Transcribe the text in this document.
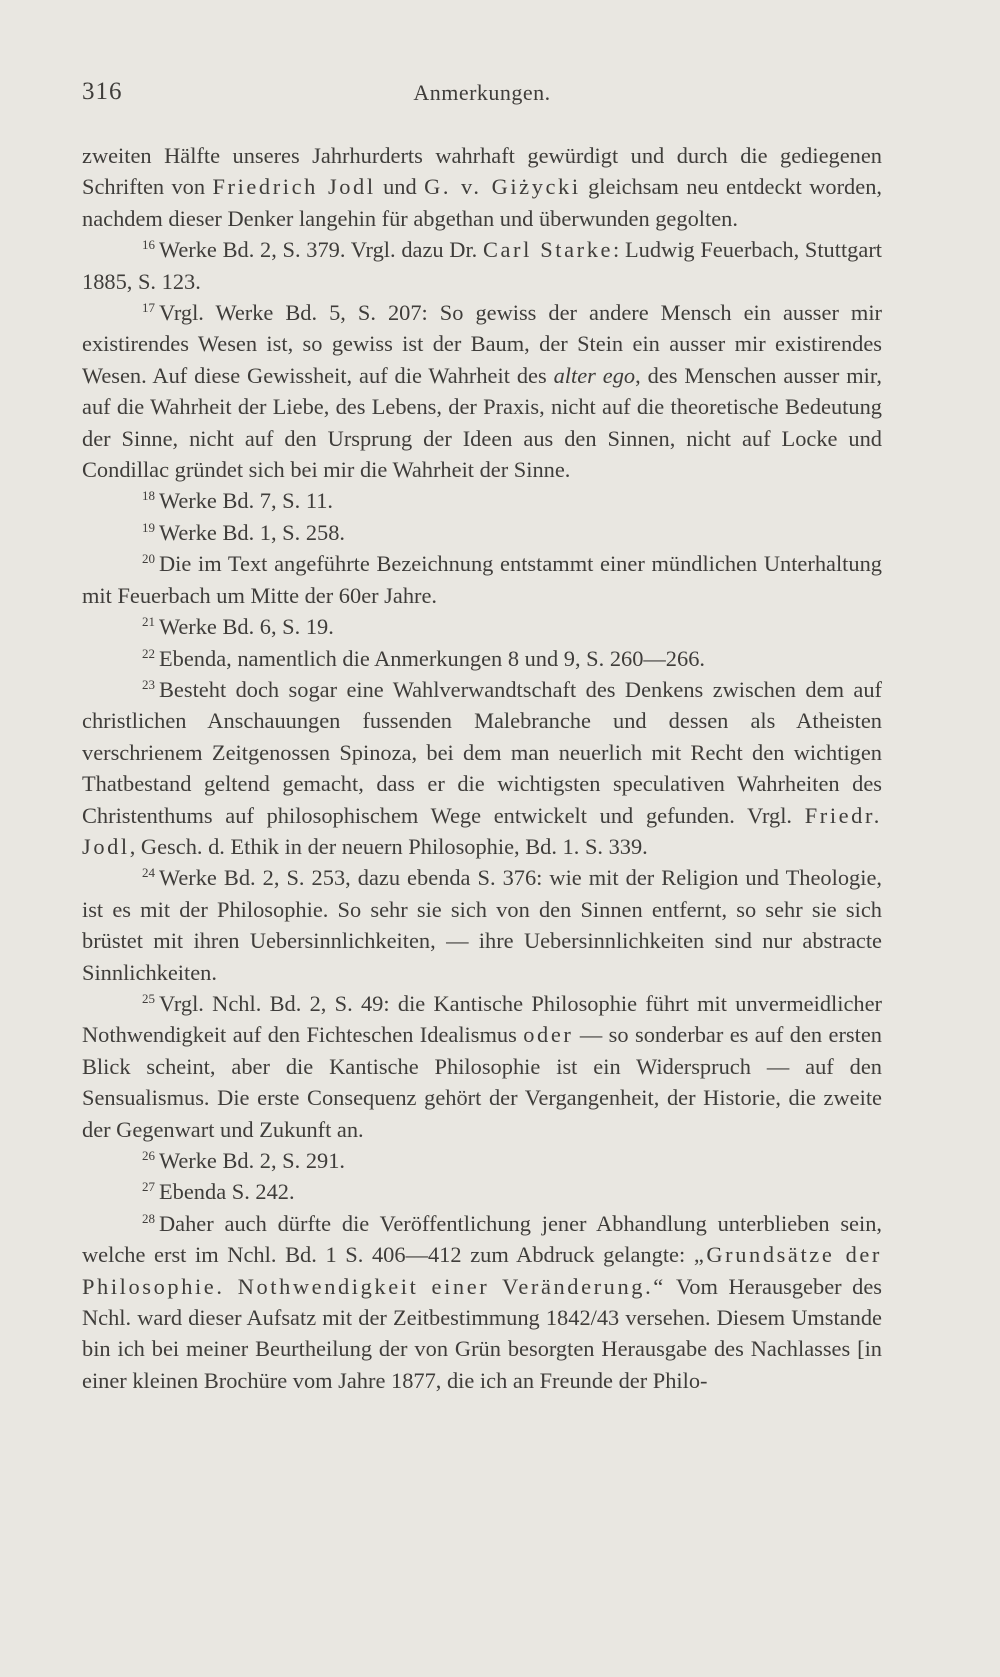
316	Anmerkungen.

zweiten Hälfte unseres Jahrhurderts wahrhaft gewürdigt und durch die gediegenen Schriften von Friedrich Jodl und G. v. Giżycki gleichsam neu entdeckt worden, nachdem dieser Denker langehin für abgethan und überwunden gegolten.

$^{16}$ Werke Bd. 2, S. 379. Vrgl. dazu Dr. Carl Starke: Ludwig Feuerbach, Stuttgart 1885, S. 123.

$^{17}$ Vrgl. Werke Bd. 5, S. 207: So gewiss der andere Mensch ein ausser mir existirendes Wesen ist, so gewiss ist der Baum, der Stein ein ausser mir existirendes Wesen. Auf diese Gewissheit, auf die Wahrheit des alter ego, des Menschen ausser mir, auf die Wahrheit der Liebe, des Lebens, der Praxis, nicht auf die theoretische Bedeutung der Sinne, nicht auf den Ursprung der Ideen aus den Sinnen, nicht auf Locke und Condillac gründet sich bei mir die Wahrheit der Sinne.

$^{18}$ Werke Bd. 7, S. 11.

$^{19}$ Werke Bd. 1, S. 258.

$^{20}$ Die im Text angeführte Bezeichnung entstammt einer mündlichen Unterhaltung mit Feuerbach um Mitte der 60er Jahre.

$^{21}$ Werke Bd. 6, S. 19.

$^{22}$ Ebenda, namentlich die Anmerkungen 8 und 9, S. 260—266.

$^{23}$ Besteht doch sogar eine Wahlverwandtschaft des Denkens zwischen dem auf christlichen Anschauungen fussenden Malebranche und dessen als Atheisten verschrienem Zeitgenossen Spinoza, bei dem man neuerlich mit Recht den wichtigen Thatbestand geltend gemacht, dass er die wichtigsten speculativen Wahrheiten des Christenthums auf philosophischem Wege entwickelt und gefunden. Vrgl. Friedr. Jodl, Gesch. d. Ethik in der neuern Philosophie, Bd. 1. S. 339.

$^{24}$ Werke Bd. 2, S. 253, dazu ebenda S. 376: wie mit der Religion und Theologie, ist es mit der Philosophie. So sehr sie sich von den Sinnen entfernt, so sehr sie sich brüstet mit ihren Uebersinnlichkeiten, — ihre Uebersinnlichkeiten sind nur abstracte Sinnlichkeiten.

$^{25}$ Vrgl. Nchl. Bd. 2, S. 49: die Kantische Philosophie führt mit unvermeidlicher Nothwendigkeit auf den Fichteschen Idealismus oder — so sonderbar es auf den ersten Blick scheint, aber die Kantische Philosophie ist ein Widerspruch — auf den Sensualismus. Die erste Consequenz gehört der Vergangenheit, der Historie, die zweite der Gegenwart und Zukunft an.

$^{26}$ Werke Bd. 2, S. 291.

$^{27}$ Ebenda S. 242.

$^{28}$ Daher auch dürfte die Veröffentlichung jener Abhandlung unterblieben sein, welche erst im Nchl. Bd. 1 S. 406—412 zum Abdruck gelangte: „Grundsätze der Philosophie. Nothwendigkeit einer Veränderung.“ Vom Herausgeber des Nchl. ward dieser Aufsatz mit der Zeitbestimmung 1842/43 versehen. Diesem Umstande bin ich bei meiner Beurtheilung der von Grün besorgten Herausgabe des Nachlasses [in einer kleinen Brochüre vom Jahre 1877, die ich an Freunde der Philo-
